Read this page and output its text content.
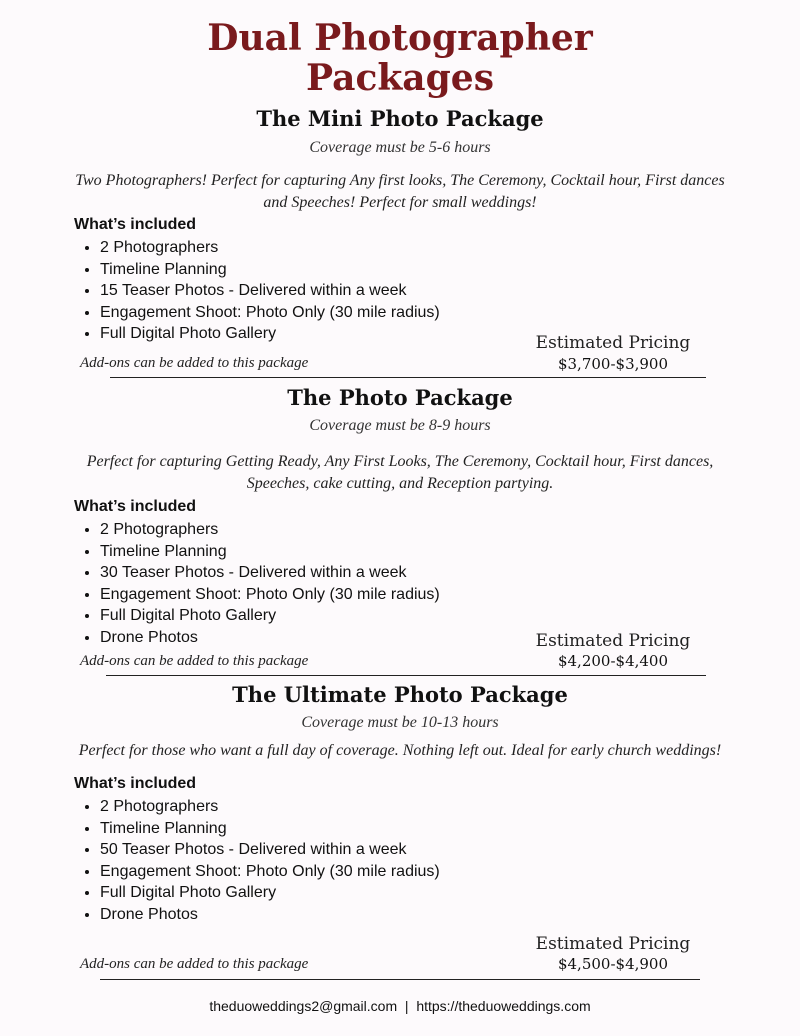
Dual Photographer
Packages
The Mini Photo Package
Coverage must be 5-6 hours
Two Photographers! Perfect for capturing Any first looks, The Ceremony, Cocktail hour, First dances
and Speeches! Perfect for small weddings!
What’s included
• 2 Photographers
• Timeline Planning
• 15 Teaser Photos - Delivered within a week
• Engagement Shoot: Photo Only (30 mile radius)
• Full Digital Photo Gallery	Estimated Pricing
Add-ons can be added to this package	$3,700-$3,900
The Photo Package
Coverage must be 8-9 hours
Perfect for capturing Getting Ready, Any First Looks, The Ceremony, Cocktail hour, First dances,
Speeches, cake cutting, and Reception partying.
What’s included
• 2 Photographers
• Timeline Planning
• 30 Teaser Photos - Delivered within a week
• Engagement Shoot: Photo Only (30 mile radius)
• Full Digital Photo Gallery
• Drone Photos	Estimated Pricing
Add-ons can be added to this package	$4,200-$4,400
The Ultimate Photo Package
Coverage must be 10-13 hours
Perfect for those who want a full day of coverage. Nothing left out. Ideal for early church weddings!
What’s included
• 2 Photographers
• Timeline Planning
• 50 Teaser Photos - Delivered within a week
• Engagement Shoot: Photo Only (30 mile radius)
• Full Digital Photo Gallery
• Drone Photos
Estimated Pricing
Add-ons can be added to this package	$4,500-$4,900
theduoweddings2@gmail.com | https://theduoweddings.com
